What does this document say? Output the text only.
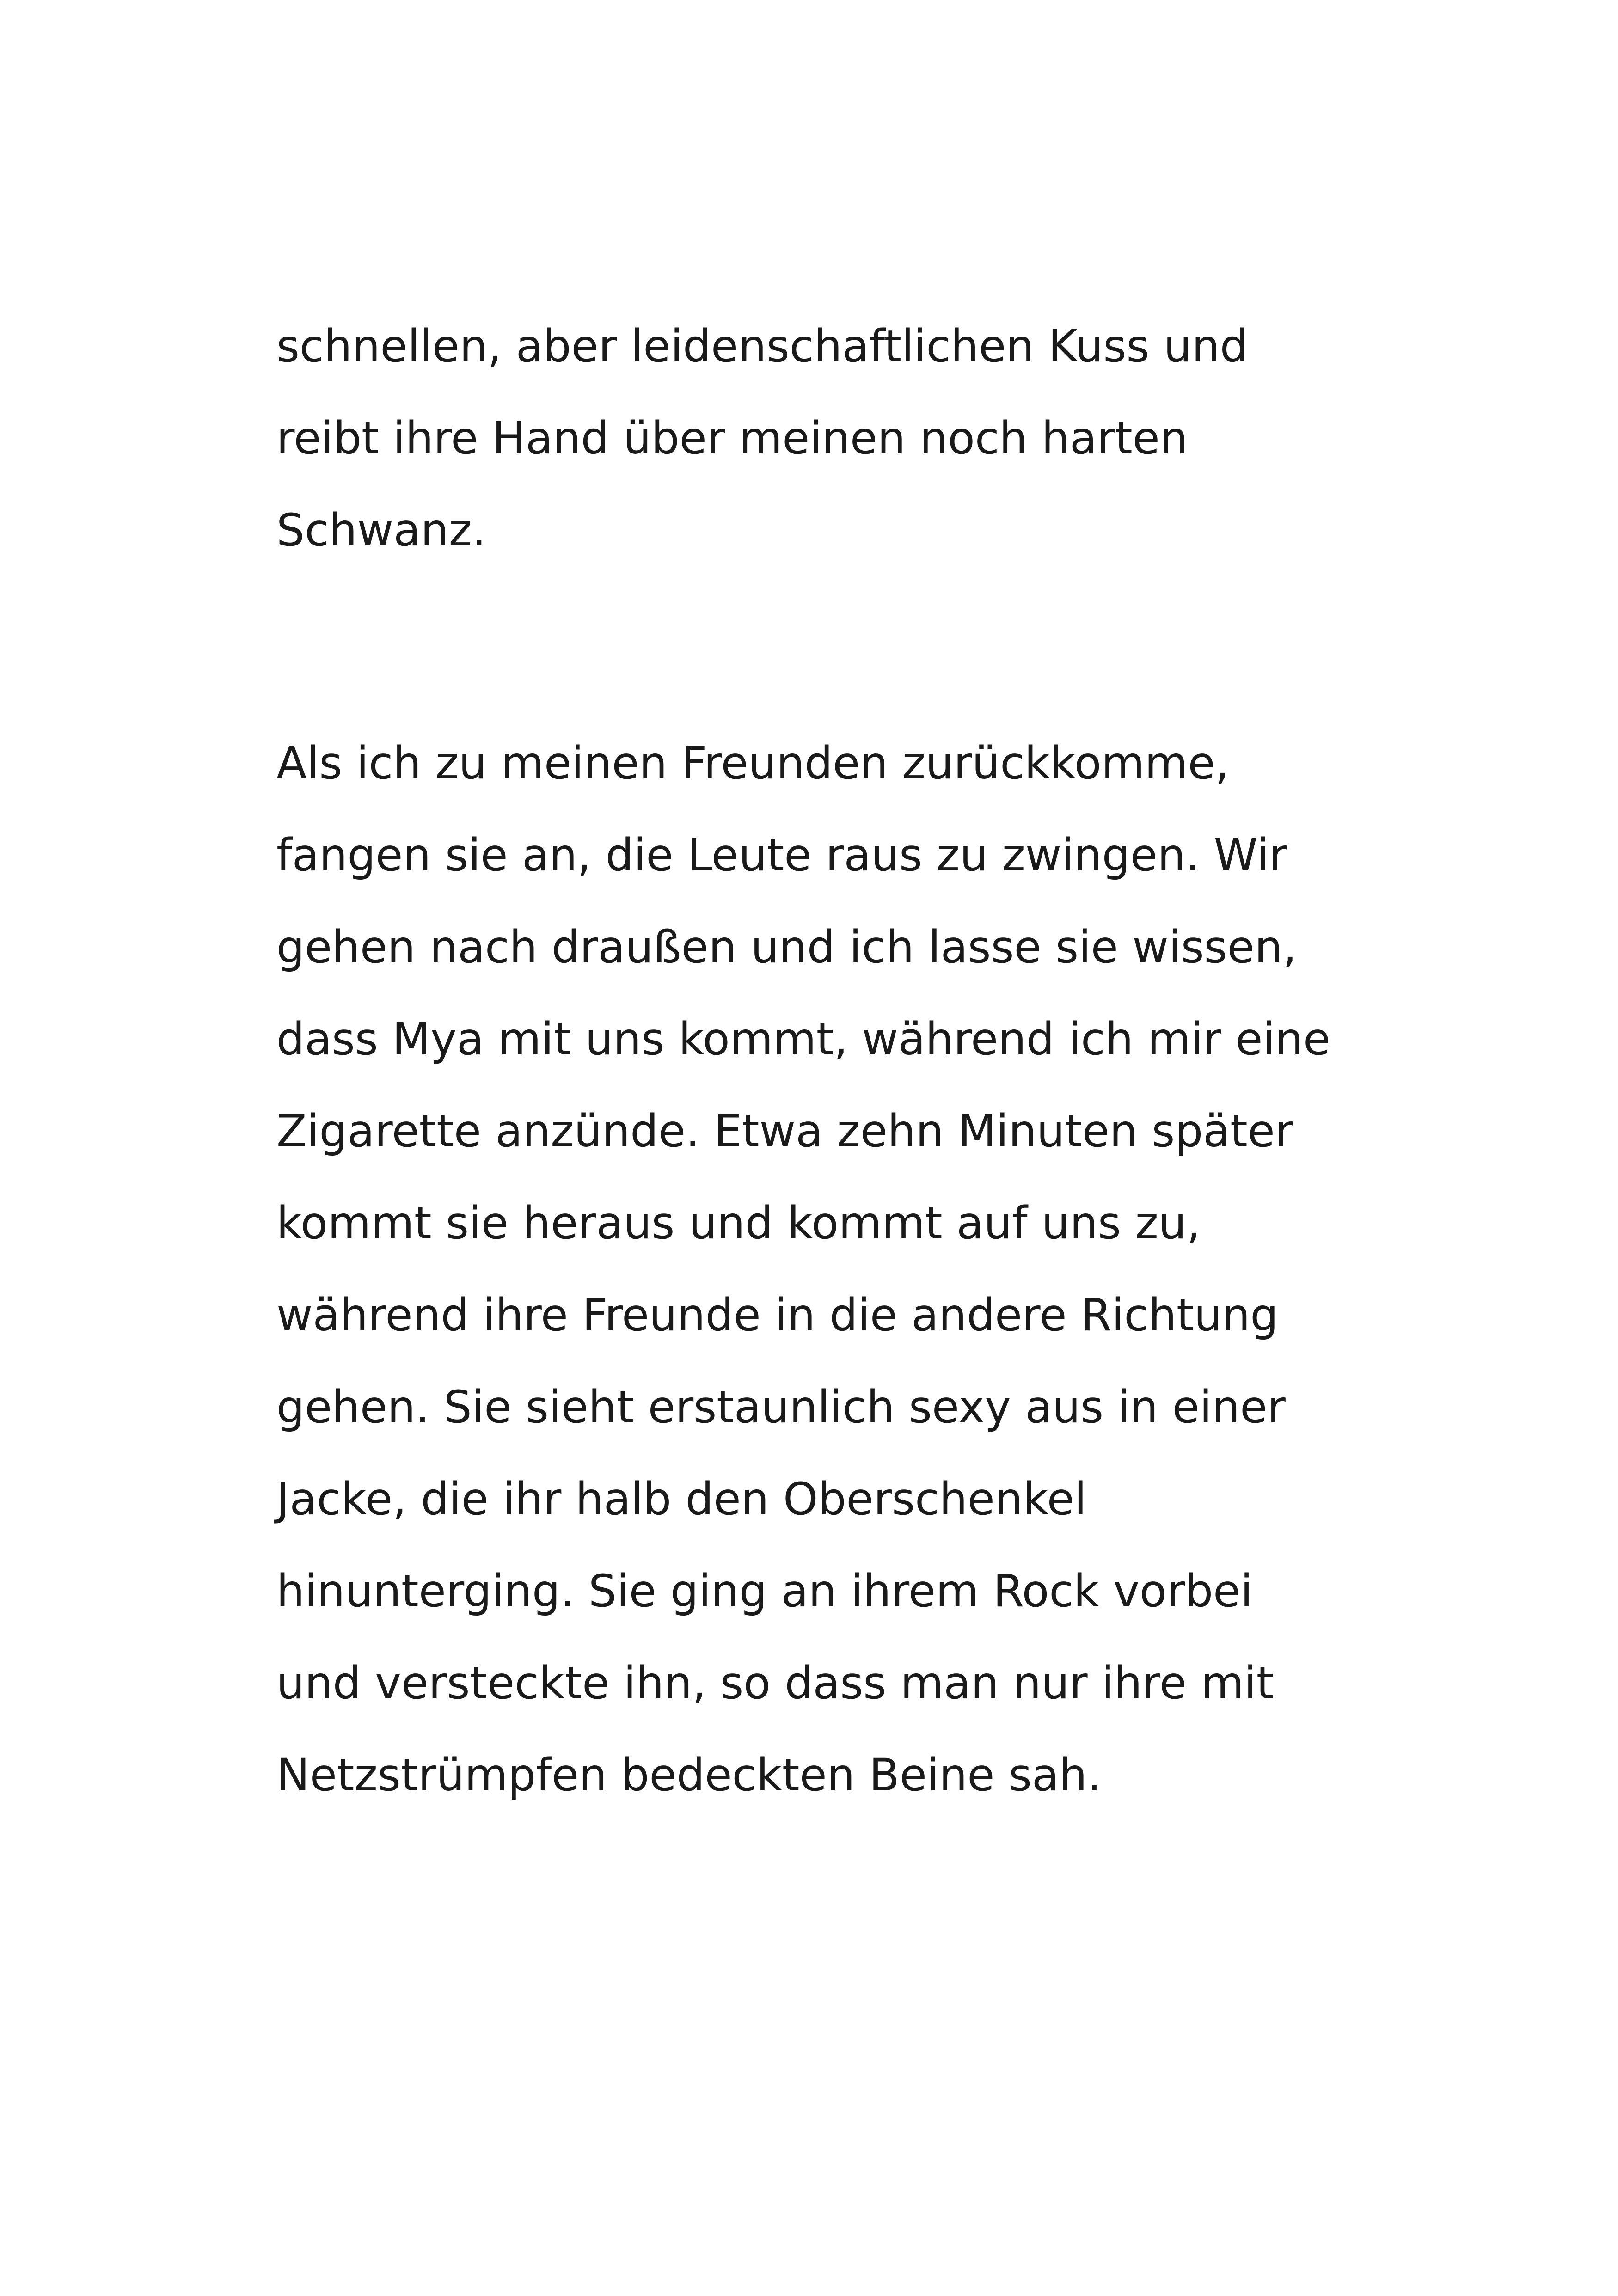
schnellen, aber leidenschaftlichen Kuss und
reibt ihre Hand über meinen noch harten
Schwanz.
Als ich zu meinen Freunden zurückkomme,
fangen sie an, die Leute raus zu zwingen. Wir
gehen nach draußen und ich lasse sie wissen,
dass Mya mit uns kommt, während ich mir eine
Zigarette anzünde. Etwa zehn Minuten später
kommt sie heraus und kommt auf uns zu,
während ihre Freunde in die andere Richtung
gehen. Sie sieht erstaunlich sexy aus in einer
Jacke, die ihr halb den Oberschenkel
hinunterging. Sie ging an ihrem Rock vorbei
und versteckte ihn, so dass man nur ihre mit
Netzstrümpfen bedeckten Beine sah.
